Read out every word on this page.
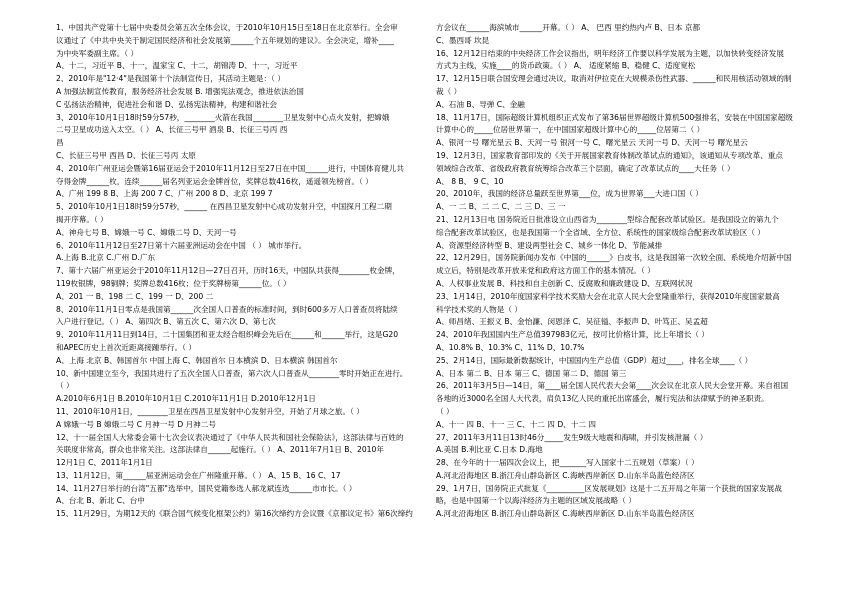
1、中国共产党第十七届中央委员会第五次全体会议，于2010年10月15日至18日在北京举行。全会审
议通过了《中共中央关于制定国民经济和社会发展第______个五年规划的建议》。全会决定，增补____
为中央军委副主席。（ ）
A、十二，习近平 B、十一，温家宝 C、十二，胡锦涛 D、十一，习近平
2、2010年是"12·4"是我国第十个法制宣传日，其活动主题是：（ ）
A 加强法制宣传教育，服务经济社会发展 B. 增强宪法观念，推进依法治国
C 弘扬法治精神，促进社会和谐 D、弘扬宪法精神，构建和谐社会
3、2010年10月1日18时59分57秒，________火箭在我国________卫星发射中心点火发射，把嫦娥
二号卫星成功送入太空。（ ） A、长征三号甲 酒泉 B、长征三号丙 西
昌
C、长征三号甲 西昌 D、长征三号丙 太原
4、2010年广州亚运会暨第16届亚运会于2010年11月12日至27日在中国______进行，中国体育健儿共
夺得金牌______枚，连续______届名列亚运会金牌首位，奖牌总数416枚，遥遥领先榜首。（ ）
A、广州 199 8 B、上海 200 7 C、广州 200 8 D、北京 199 7
5、2010年10月1日18时59分57秒，______ 在西昌卫星发射中心成功发射升空，中国探月工程二期
揭开序幕。（ ）
A、神舟七号 B、嫦娥一号 C、嫦娥二号 D、天河一号
6、2010年11月12日至27日第十六届亚洲运动会在中国 （ ） 城市举行。
A.上海 B.北京 C.广州 D.广东
7、第十六届广州亚运会于2010年11月12日—27日召开，历时16天，中国队共获得________枚金牌，
119枚银牌，98铜牌；奖牌总数416枚；位于奖牌榜第______位。（ ）
A、201 一 B、198 二 C、199 一 D、200 二
8、2010年11月1日零点是我国第______次全国人口普查的标准时间，到时600多万人口普查员将陆续
入户进行登记。（ ） A、第四次 B、第五次 C、第六次 D、第七次
9、2010年11月11日到14日，二十国集团和亚太经合组织峰会先后在______和______举行，这是G20
和APEC历史上首次近距离接踵举行。（ ）
A、上海 北京 B、韩国首尔 中国上海 C、韩国首尔 日本横滨 D、日本横滨 韩国首尔
10、新中国建立至今，我国共进行了五次全国人口普查，第六次人口普查从________零时开始正在进行。
（ ）
A.2010年6月1日 B.2010年10月1日 C.2010年11月1日 D.2010年12月1日
11、2010年10月1日，________卫星在西昌卫星发射中心发射升空，开始了月球之旅。（ ）
A 嫦娥一号 B 嫦娥二号 C 月神一号 D 月神二号
12、十一届全国人大常委会第十七次会议表决通过了《中华人民共和国社会保险法》，这部法律与百姓的
关联度非常高，群众也非常关注。这部法律自______起施行。（ ） A、2011年7月1日 B、2010年
12月1日 C、2011年1月1日
13、11月12日，第______届亚洲运动会在广州隆重开幕。（ ） A、15 B、16 C、17
14、11月27日举行的台湾"五都"选举中，国民党籍参选人郝龙斌连选______市市长。（ ）
A、台北 B、新北 C、台中
15、11月29日，为期12天的《联合国气候变化框架公约》第16次缔约方会议暨《京都议定书》第6次缔约
方会议在______海滨城市______开幕。（ ） A、 巴西 里约热内卢 B、日本 京都
C、墨西哥 坎昆
16、12月12日结束的中央经济工作会议指出，明年经济工作要以科学发展为主题，以加快转变经济发展
方式为主线，实施____的货币政策。（ ） A、 适度紧缩 B、稳健 C、适度宽松
17、12月15日联合国安理会通过决议，取消对伊拉克在大规模杀伤性武器、______和民用核活动领域的制
裁（ ）
A、石油 B、导弹 C、金融
18、11月17日，国际超级计算机组织正式发布了第36届世界超级计算机500强排名，安装在中国国家超级
计算中心的_____位居世界第一，在中国国家超级计算中心的_____位居第二（ ）
A、银河一号 曙光星云 B、天河一号 银河一号 C、曙光星云 天河一号 D、天河一号 曙光星云
19、12月3日，国家教育部印发的《关于开展国家教育体制改革试点的通知》，该通知从专项改革、重点
领域综合改革、省级政府教育统筹综合改革三个层面，确定了改革试点的____大任务（ ）
A、 8 B、 9 C、10
20、2010年，我国的经济总量跃至世界第___位，成为世界第___大进口国（ ）
A、一 二 B、二 二 C、二 三 D、三 一
21、12月13日电 国务院近日批准设立山西省为________型综合配套改革试验区。是我国设立的第九个
综合配套改革试验区，也是我国第一个全省域、全方位、系统性的国家级综合配套改革试验区（ ）
A、资源型经济转型 B、建设两型社会 C、城乡一体化 D、节能减排
22、12月29日，国务院新闻办发布《中国的______》白皮书，这是我国第一次较全面、系统地介绍新中国
成立后，特别是改革开放来党和政府这方面工作的基本情况。（ ）
A、人权事业发展 B、科技和自主创新 C、反腐败和廉政建设 D、互联网状况
23、1月14日，2010年度国家科学技术奖励大会在北京人民大会堂隆重举行，获得2010年度国家最高
科学技术奖的人物是（ ）
A、师昌绪、王振义 B、金怡濂、闵恩泽 C、吴征镒、李振声 D、叶笃正、吴孟超
24、2010年我国国内生产总值397983亿元，按可比价格计算，比上年增长（ ）
A、10.8% B、10.3% C、11% D、10.7%
25、2月14日，国际最新数据统计，中国国内生产总值（GDP）超过____，排名全球____（ ）
A、日本 第二 B、日本 第三 C、德国 第二 D、德国 第三
26、2011年3月5日—14日，第____届全国人民代表大会第____次会议在北京人民大会堂开幕。来自祖国
各地的近3000名全国人大代表，肩负13亿人民的重托出席盛会，履行宪法和法律赋予的神圣职责。
（ ）
A、十一 四 B、十一 三 C、十二 四 D、十二 四
27、2011年3月11日13时46分_____发生9级大地震和海啸，并引发核泄漏（ ）
A.美国 B.利比亚 C.日本 D.海地
28、在今年的十一届四次会议上，把_______写入国家十二五规划（草案）（ ）
A.河北沿海地区 B.浙江舟山群岛新区 C.海峡西岸新区 D.山东半岛蓝色经济区
29、1月7日，国务院正式批复《__________区发展规划》这是十二五开局之年第一个获批的国家发展战
略，也是中国第一个以海洋经济为主题的区域发展战略（ ）
A.河北沿海地区 B.浙江舟山群岛新区 C.海峡西岸新区 D.山东半岛蓝色经济区
